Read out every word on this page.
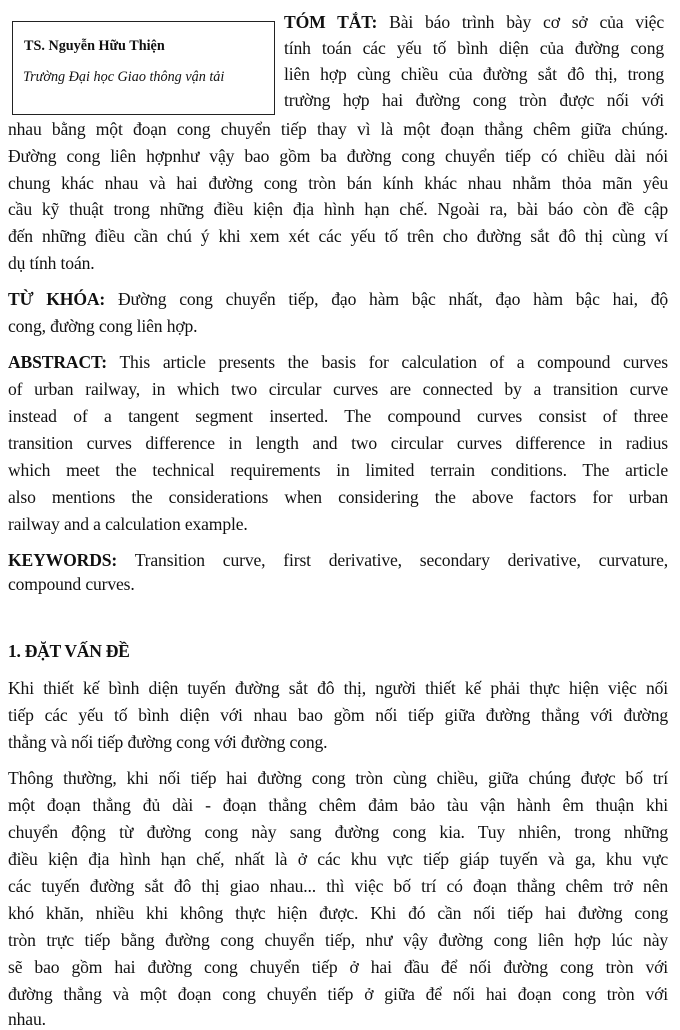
TS. Nguyễn Hữu Thiện
Trường Đại học Giao thông vận tải
TÓM TẮT: Bài báo trình bày cơ sở của việc
tính toán các yếu tố bình diện của đường cong
liên hợp cùng chiều của đường sắt đô thị, trong
trường hợp hai đường cong tròn được nối với
nhau bằng một đoạn cong chuyển tiếp thay vì là một đoạn thẳng chêm giữa chúng.
Đường cong liên hợpnhư vậy bao gồm ba đường cong chuyển tiếp có chiều dài nói
chung khác nhau và hai đường cong tròn bán kính khác nhau nhằm thỏa mãn yêu
cầu kỹ thuật trong những điều kiện địa hình hạn chế. Ngoài ra, bài báo còn đề cập
đến những điều cần chú ý khi xem xét các yếu tố trên cho đường sắt đô thị cùng ví
dụ tính toán.
TỪ KHÓA: Đường cong chuyển tiếp, đạo hàm bậc nhất, đạo hàm bậc hai, độ
cong, đường cong liên hợp.
ABSTRACT: This article presents the basis for calculation of a compound curves
of urban railway, in which two circular curves are connected by a transition curve
instead of a tangent segment inserted. The compound curves consist of three
transition curves difference in length and two circular curves difference in radius
which meet the technical requirements in limited terrain conditions. The article
also mentions the considerations when considering the above factors for urban
railway and a calculation example.
KEYWORDS: Transition curve, first derivative, secondary derivative, curvature,
compound curves.
1. ĐẶT VẤN ĐỀ
Khi thiết kế bình diện tuyến đường sắt đô thị, người thiết kế phải thực hiện việc nối
tiếp các yếu tố bình diện với nhau bao gồm nối tiếp giữa đường thẳng với đường
thẳng và nối tiếp đường cong với đường cong.
Thông thường, khi nối tiếp hai đường cong tròn cùng chiều, giữa chúng được bố trí
một đoạn thẳng đủ dài - đoạn thẳng chêm đảm bảo tàu vận hành êm thuận khi
chuyển động từ đường cong này sang đường cong kia. Tuy nhiên, trong những
điều kiện địa hình hạn chế, nhất là ở các khu vực tiếp giáp tuyến và ga, khu vực
các tuyến đường sắt đô thị giao nhau... thì việc bố trí có đoạn thẳng chêm trở nên
khó khăn, nhiều khi không thực hiện được. Khi đó cần nối tiếp hai đường cong
tròn trực tiếp bằng đường cong chuyển tiếp, như vậy đường cong liên hợp lúc này
sẽ bao gồm hai đường cong chuyển tiếp ở hai đầu để nối đường cong tròn với
đường thẳng và một đoạn cong chuyển tiếp ở giữa để nối hai đoạn cong tròn với
nhau.
